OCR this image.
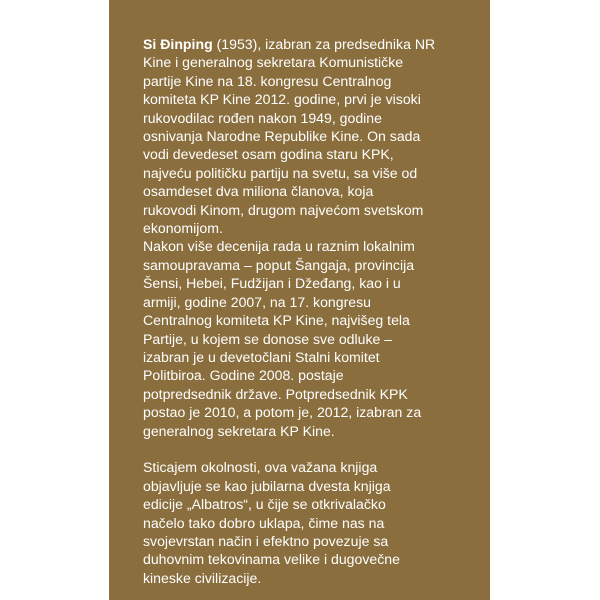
Si Đinping (1953), izabran za predsednika NR
Kine i generalnog sekretara Komunističke
partije Kine na 18. kongresu Centralnog
komiteta KP Kine 2012. godine, prvi je visoki
rukovodilac rođen nakon 1949, godine
osnivanja Narodne Republike Kine. On sada
vodi devedeset osam godina staru KPK,
najveću političku partiju na svetu, sa više od
osamdeset dva miliona članova, koja
rukovodi Kinom, drugom najvećom svetskom
ekonomijom.
Nakon više decenija rada u raznim lokalnim
samoupravama – poput Šangaja, provincija
Šensi, Hebei, Fudžijan i Džeđang, kao i u
armiji, godine 2007, na 17. kongresu
Centralnog komiteta KP Kine, najvišeg tela
Partije, u kojem se donose sve odluke –
izabran je u devetočlani Stalni komitet
Politbiroa. Godine 2008. postaje
potpredsednik države. Potpredsednik KPK
postao je 2010, a potom je, 2012, izabran za
generalnog sekretara KP Kine.
Sticajem okolnosti, ova važana knjiga
objavljuje se kao jubilarna dvesta knjiga
edicije „Albatros“, u čije se otkrivalačko
načelo tako dobro uklapa, čime nas na
svojevrstan način i efektno povezuje sa
duhovnim tekovinama velike i dugovečne
kineske civilizacije.
